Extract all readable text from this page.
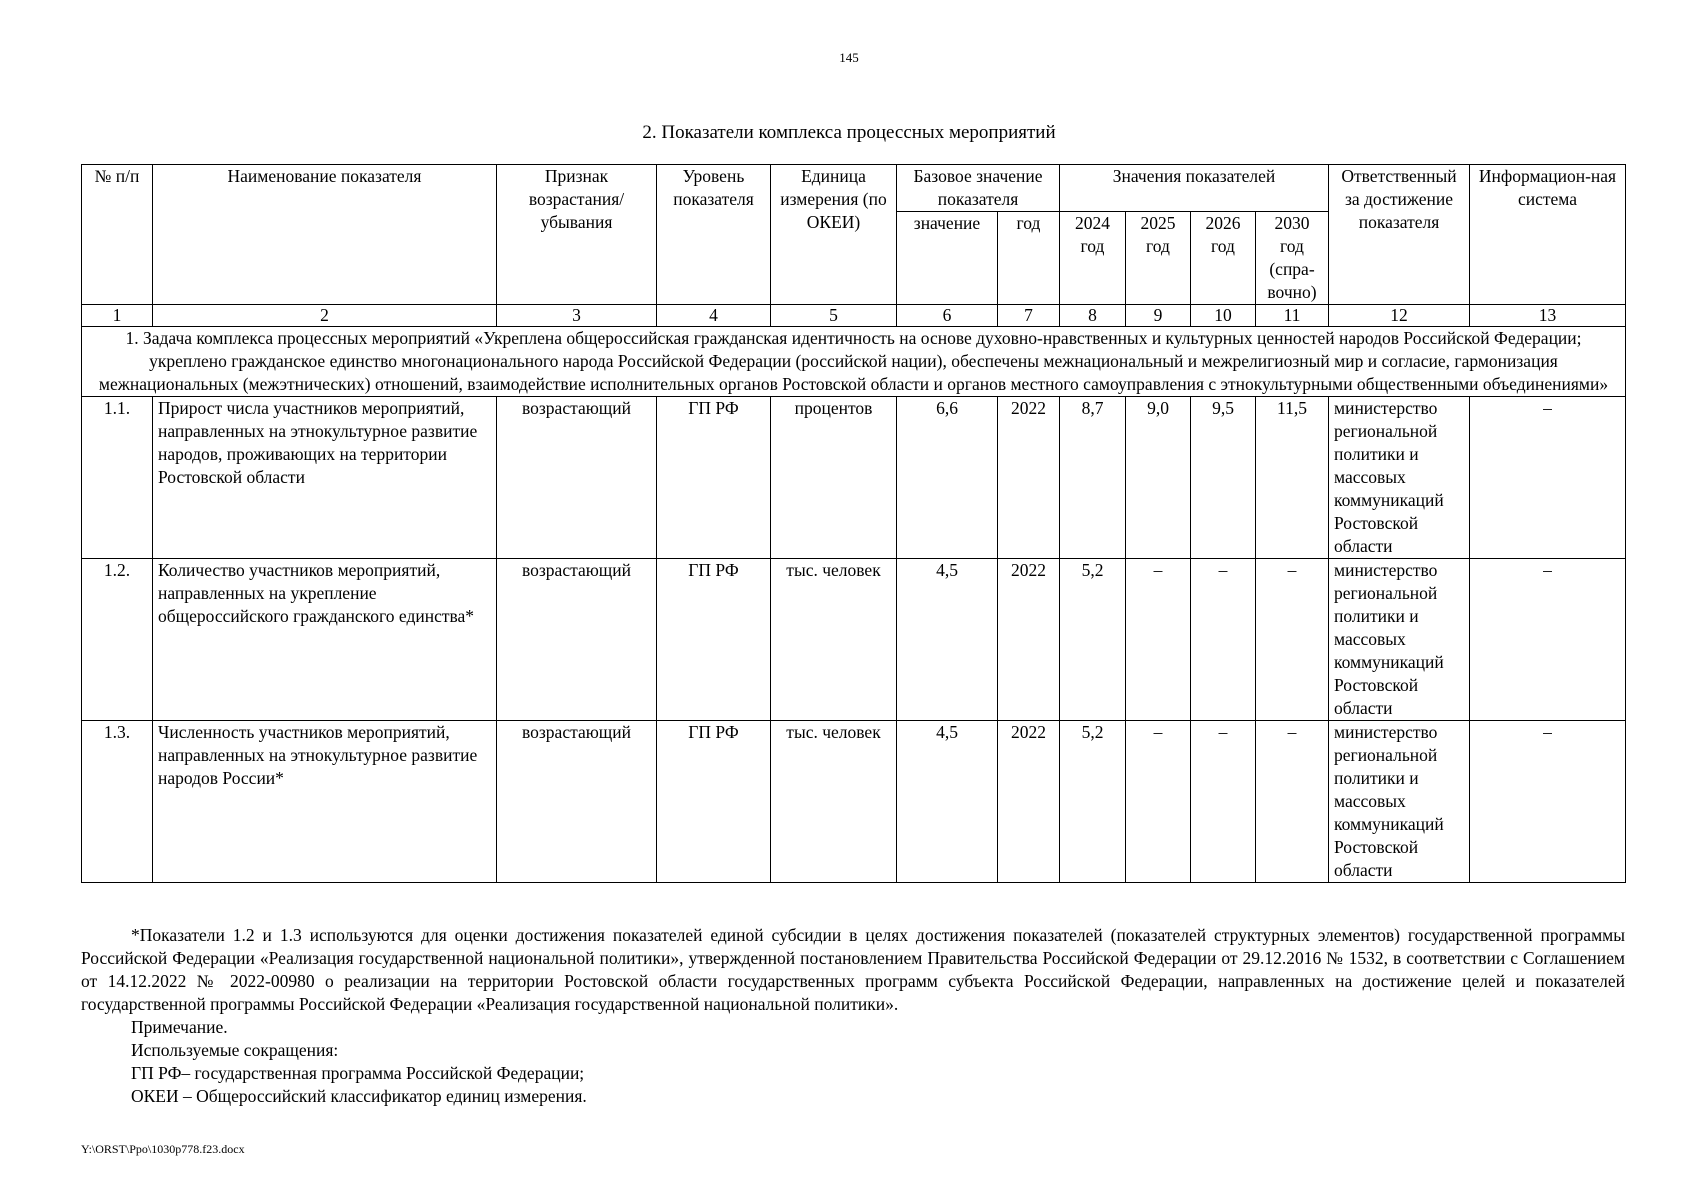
145
2. Показатели комплекса процессных мероприятий
№ п/п	Наименование показателя	Признак возрастания/ убывания	Уровень показателя	Единица измерения (по ОКЕИ)	Базовое значение показателя		Значения показателей				Ответственный за достижение показателя	Информацион-ная система
					значение	год	2024 год	2025 год	2026 год	2030 год (спра-вочно)		
1	2	3	4	5	6	7	8	9	10	11	12	13
1. Задача комплекса процессных мероприятий «Укреплена общероссийская гражданская идентичность на основе духовно-нравственных и культурных ценностей народов Российской Федерации; укреплено гражданское единство многонационального народа Российской Федерации (российской нации), обеспечены межнациональный и межрелигиозный мир и согласие, гармонизация межнациональных (межэтнических) отношений, взаимодействие исполнительных органов Ростовской области и органов местного самоуправления с этнокультурными общественными объединениями»												
1.1.	Прирост числа участников мероприятий, направленных на этнокультурное развитие народов, проживающих на территории Ростовской области	возрастающий	ГП РФ	процентов	6,6	2022	8,7	9,0	9,5	11,5	министерство региональной политики и массовых коммуникаций Ростовской области	–
1.2.	Количество участников мероприятий, направленных на укрепление общероссийского гражданского единства*	возрастающий	ГП РФ	тыс. человек	4,5	2022	5,2	–	–	–	министерство региональной политики и массовых коммуникаций Ростовской области	–
1.3.	Численность участников мероприятий, направленных на этнокультурное развитие народов России*	возрастающий	ГП РФ	тыс. человек	4,5	2022	5,2	–	–	–	министерство региональной политики и массовых коммуникаций Ростовской области	–

*Показатели 1.2 и 1.3 используются для оценки достижения показателей единой субсидии в целях достижения показателей (показателей структурных элементов) государственной программы Российской Федерации «Реализация государственной национальной политики», утвержденной постановлением Правительства Российской Федерации от 29.12.2016 № 1532, в соответствии с Соглашением от 14.12.2022 № 2022-00980 о реализации на территории Ростовской области государственных программ субъекта Российской Федерации, направленных на достижение целей и показателей государственной программы Российской Федерации «Реализация государственной национальной политики».

Примечание.

Используемые сокращения:

ГП РФ– государственная программа Российской Федерации;

ОКЕИ – Общероссийский классификатор единиц измерения.

Y:\ORST\Ppo\1030p778.f23.docx
